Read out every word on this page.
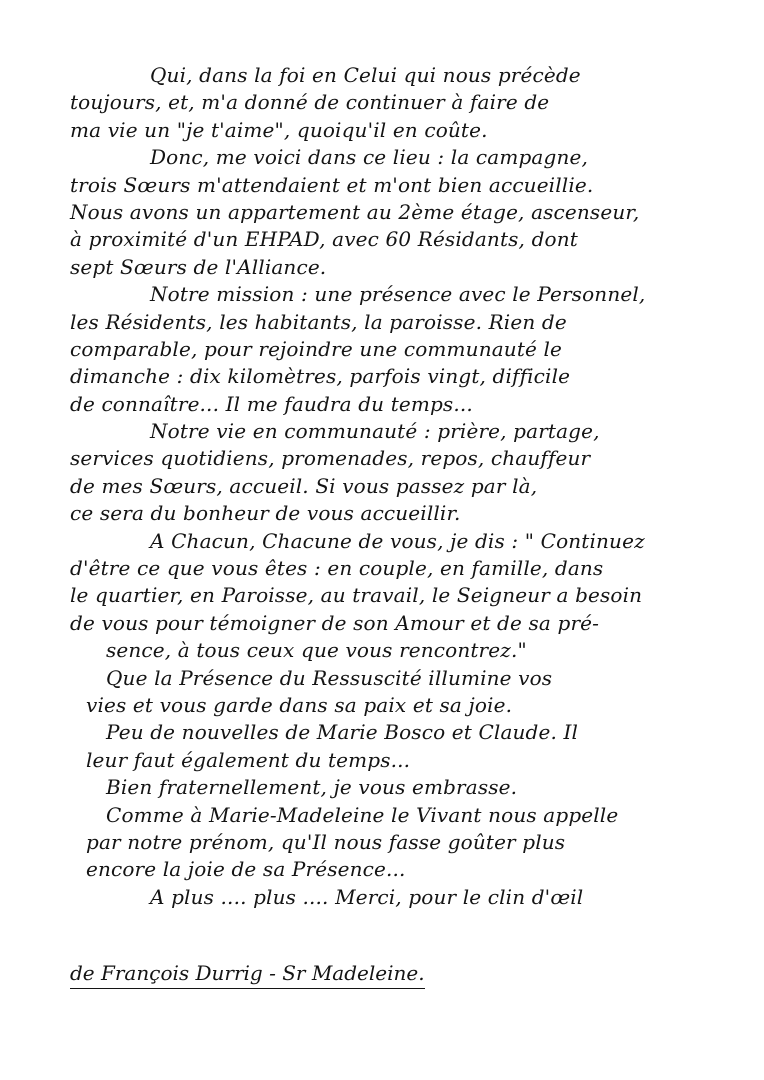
Qui, dans la foi en Celui qui nous précède
toujours, et, m'a donné de continuer à faire de
ma vie un "je t'aime", quoiqu'il en coûte.
Donc, me voici dans ce lieu : la campagne,
trois Sœurs m'attendaient et m'ont bien accueillie.
Nous avons un appartement au 2ème étage, ascenseur,
à proximité d'un EHPAD, avec 60 Résidants, dont
sept Sœurs de l'Alliance.
Notre mission : une présence avec le Personnel,
les Résidents, les habitants, la paroisse. Rien de
comparable, pour rejoindre une communauté le
dimanche : dix kilomètres, parfois vingt, difficile
de connaître... Il me faudra du temps...
Notre vie en communauté : prière, partage,
services quotidiens, promenades, repos, chauffeur
de mes Sœurs, accueil. Si vous passez par là,
ce sera du bonheur de vous accueillir.
A Chacun, Chacune de vous, je dis : " Continuez
d'être ce que vous êtes : en couple, en famille, dans
le quartier, en Paroisse, au travail, le Seigneur a besoin
de vous pour témoigner de son Amour et de sa pré-
sence, à tous ceux que vous rencontrez."
Que la Présence du Ressuscité illumine vos
vies et vous garde dans sa paix et sa joie.
Peu de nouvelles de Marie Bosco et Claude. Il
leur faut également du temps...
Bien fraternellement, je vous embrasse.
Comme à Marie-Madeleine le Vivant nous appelle
par notre prénom, qu'Il nous fasse goûter plus
encore la joie de sa Présence...
A plus .... plus .... Merci, pour le clin d'œil
de François Durrig - Sr Madeleine.
